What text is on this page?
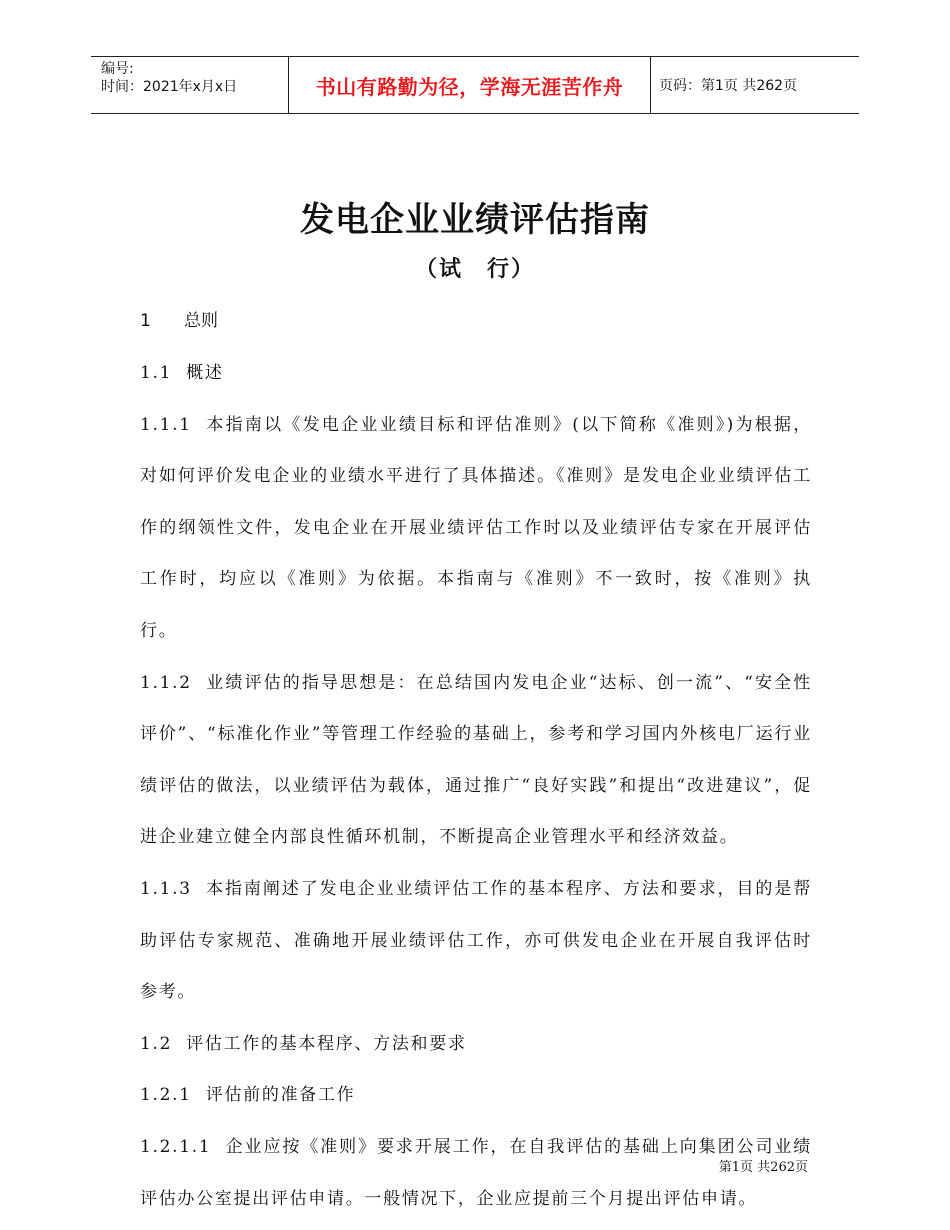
编号:
时间：2021年x月x日	书山有路勤为径，学海无涯苦作舟	页码：第1页 共262页
发电企业业绩评估指南
（试　行）
1 总则

1.1 概述

1.1.1 本指南以《发电企业业绩目标和评估准则》(以下简称《准则》)为根据，对如何评价发电企业的业绩水平进行了具体描述。《准则》是发电企业业绩评估工作的纲领性文件，发电企业在开展业绩评估工作时以及业绩评估专家在开展评估工作时，均应以《准则》为依据。本指南与《准则》不一致时，按《准则》执行。

1.1.2 业绩评估的指导思想是：在总结国内发电企业“达标、创一流”、“安全性评价”、“标准化作业”等管理工作经验的基础上，参考和学习国内外核电厂运行业绩评估的做法，以业绩评估为载体，通过推广“良好实践”和提出“改进建议”，促进企业建立健全内部良性循环机制，不断提高企业管理水平和经济效益。

1.1.3 本指南阐述了发电企业业绩评估工作的基本程序、方法和要求，目的是帮助评估专家规范、准确地开展业绩评估工作，亦可供发电企业在开展自我评估时参考。

1.2 评估工作的基本程序、方法和要求

1.2.1 评估前的准备工作

1.2.1.1 企业应按《准则》要求开展工作，在自我评估的基础上向集团公司业绩评估办公室提出评估申请。一般情况下，企业应提前三个月提出评估申请。

第1页 共262页
